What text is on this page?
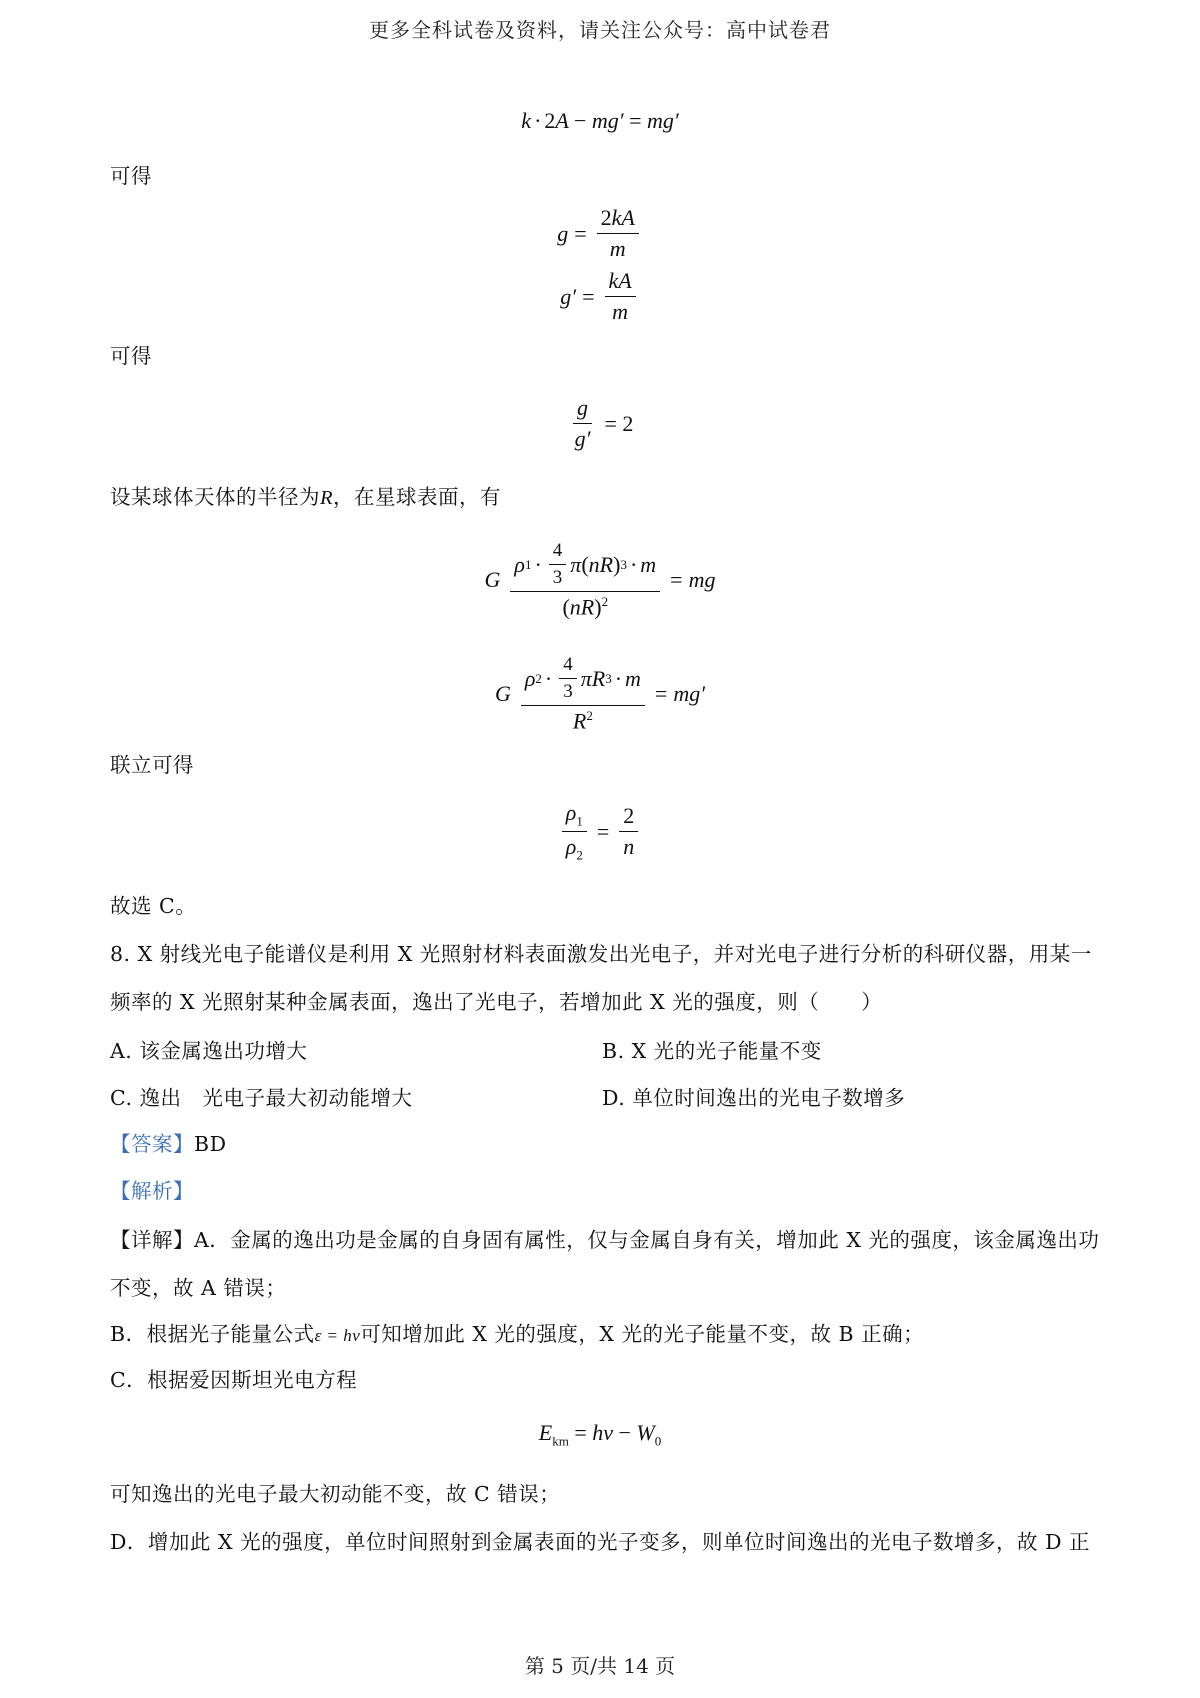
更多全科试卷及资料，请关注公众号：高中试卷君
k · 2A − mg′ = mg′
可得
$g = \frac{2kA}{m}$
$g' = \frac{kA}{m}$
可得
$\frac{g}{g'} = 2$
设某球体天体的半径为R，在星球表面，有
G $\frac{\rho 1 \cdot \frac{4}{3} \pi ( nR ) 3 \cdot m}{(nR)^2}$ = mg
G $\frac{\rho 2 \cdot \frac{4}{3} \pi R 3 \cdot m}{R^2} = mg'$
联立可得
$\frac{\rho_1}{\rho_2} = \frac{2}{n}$
故选 C。
8. X 射线光电子能谱仪是利用 X 光照射材料表面激发出光电子，并对光电子进行分析的科研仪器，用某一频率的 X 光照射某种金属表面，逸出了光电子，若增加此 X 光的强度，则（　　）
A. 该金属逸出功增大	B. X 光的光子能量不变
C. 逸出　光电子最大初动能增大	D. 单位时间逸出的光电子数增多
【答案】BD
【解析】
【详解】A．金属的逸出功是金属的自身固有属性，仅与金属自身有关，增加此 X 光的强度，该金属逸出功不变，故 A 错误；
B．根据光子能量公式ε = hν可知增加此 X 光的强度，X 光的光子能量不变，故 B 正确；
C．根据爱因斯坦光电方程
$E_{km} = h\nu - W_0$
可知逸出的光电子最大初动能不变，故 C 错误；
D．增加此 X 光的强度，单位时间照射到金属表面的光子变多，则单位时间逸出的光电子数增多，故 D 正
第 5 页/共 14 页
